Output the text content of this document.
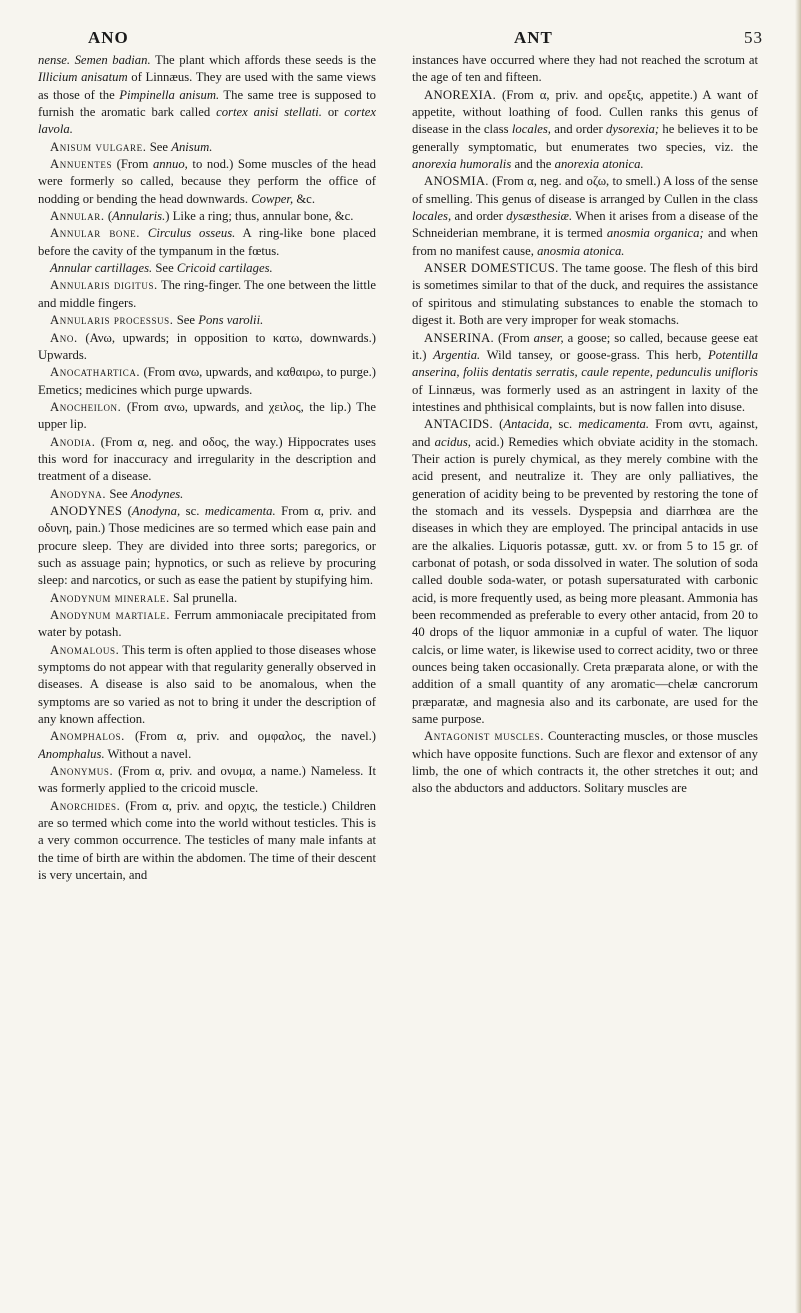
ANO	ANT	53

nense. Semen badian. The plant which affords these seeds is the Illicium anisatum of Linnæus. They are used with the same views as those of the Pimpinella anisum. The same tree is supposed to furnish the aromatic bark called cortex anisi stellati. or cortex lavola.

Anisum vulgare. See Anisum.

Annuentes (From annuo, to nod.) Some muscles of the head were formerly so called, because they perform the office of nodding or bending the head downwards. Cowper, &c.

Annular. (Annularis.) Like a ring; thus, annular bone, &c.

Annular bone. Circulus osseus. A ring-like bone placed before the cavity of the tympanum in the fœtus.

Annular cartillages. See Cricoid cartilages.

Annularis digitus. The ring-finger. The one between the little and middle fingers.

Annularis processus. See Pons varolii.

Ano. (Ανω, upwards; in opposition to κατω, downwards.) Upwards.

Anocathartica. (From ανω, upwards, and καθαιρω, to purge.) Emetics; medicines which purge upwards.

Anocheilon. (From ανω, upwards, and χειλος, the lip.) The upper lip.

Anodia. (From α, neg. and οδος, the way.) Hippocrates uses this word for inaccuracy and irregularity in the description and treatment of a disease.

Anodyna. See Anodynes.

ANODYNES (Anodyna, sc. medicamenta. From α, priv. and οδυνη, pain.) Those medicines are so termed which ease pain and procure sleep. They are divided into three sorts; paregorics, or such as assuage pain; hypnotics, or such as relieve by procuring sleep: and narcotics, or such as ease the patient by stupifying him.

Anodynum minerale. Sal prunella.

Anodynum martiale. Ferrum ammoniacale precipitated from water by potash.

Anomalous. This term is often applied to those diseases whose symptoms do not appear with that regularity generally observed in diseases. A disease is also said to be anomalous, when the symptoms are so varied as not to bring it under the description of any known affection.

Anomphalos. (From α, priv. and ομφαλος, the navel.) Anomphalus. Without a navel.

Anonymus. (From α, priv. and ονυμα, a name.) Nameless. It was formerly applied to the cricoid muscle.

Anorchides. (From α, priv. and ορχις, the testicle.) Children are so termed which come into the world without testicles. This is a very common occurrence. The testicles of many male infants at the time of birth are within the abdomen. The time of their descent is very uncertain, and

instances have occurred where they had not reached the scrotum at the age of ten and fifteen.

ANOREXIA. (From α, priv. and ορεξις, appetite.) A want of appetite, without loathing of food. Cullen ranks this genus of disease in the class locales, and order dysorexia; he believes it to be generally symptomatic, but enumerates two species, viz. the anorexia humoralis and the anorexia atonica.

ANOSMIA. (From α, neg. and οζω, to smell.) A loss of the sense of smelling. This genus of disease is arranged by Cullen in the class locales, and order dysæsthesiæ. When it arises from a disease of the Schneiderian membrane, it is termed anosmia organica; and when from no manifest cause, anosmia atonica.

ANSER DOMESTICUS. The tame goose. The flesh of this bird is sometimes similar to that of the duck, and requires the assistance of spiritous and stimulating substances to enable the stomach to digest it. Both are very improper for weak stomachs.

ANSERINA. (From anser, a goose; so called, because geese eat it.) Argentia. Wild tansey, or goose-grass. This herb, Potentilla anserina, foliis dentatis serratis, caule repente, pedunculis unifloris of Linnæus, was formerly used as an astringent in laxity of the intestines and phthisical complaints, but is now fallen into disuse.

ANTACIDS. (Antacida, sc. medicamenta. From αντι, against, and acidus, acid.) Remedies which obviate acidity in the stomach. Their action is purely chymical, as they merely combine with the acid present, and neutralize it. They are only palliatives, the generation of acidity being to be prevented by restoring the tone of the stomach and its vessels. Dyspepsia and diarrhœa are the diseases in which they are employed. The principal antacids in use are the alkalies. Liquoris potassæ, gutt. xv. or from 5 to 15 gr. of carbonat of potash, or soda dissolved in water. The solution of soda called double soda-water, or potash supersaturated with carbonic acid, is more frequently used, as being more pleasant. Ammonia has been recommended as preferable to every other antacid, from 20 to 40 drops of the liquor ammoniæ in a cupful of water. The liquor calcis, or lime water, is likewise used to correct acidity, two or three ounces being taken occasionally. Creta præparata alone, or with the addition of a small quantity of any aromatic—chelæ cancrorum præparatæ, and magnesia also and its carbonate, are used for the same purpose.

Antagonist muscles. Counteracting muscles, or those muscles which have opposite functions. Such are flexor and extensor of any limb, the one of which contracts it, the other stretches it out; and also the abductors and adductors. Solitary muscles are
